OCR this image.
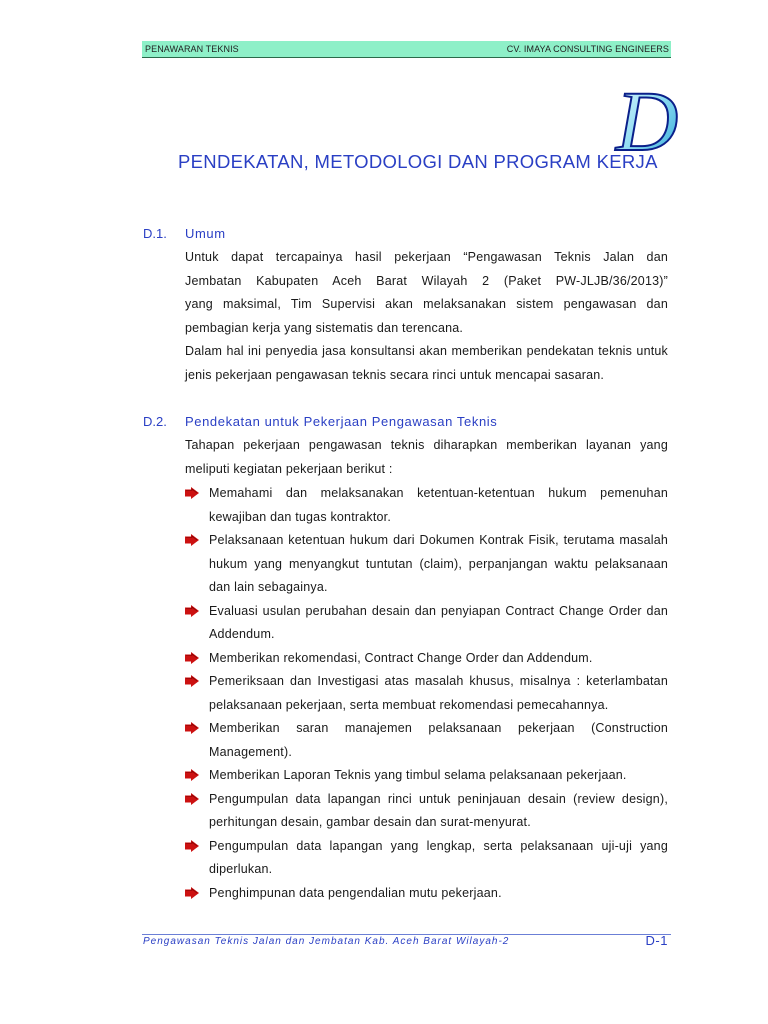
PENAWARAN TEKNIS	CV. IMAYA CONSULTING ENGINEERS
D
PENDEKATAN, METODOLOGI DAN PROGRAM KERJA
D.1. Umum
Untuk dapat tercapainya hasil pekerjaan “Pengawasan Teknis Jalan dan
Jembatan Kabupaten Aceh Barat Wilayah 2 (Paket PW-JLJB/36/2013)”
yang maksimal, Tim Supervisi akan melaksanakan sistem pengawasan dan
pembagian kerja yang sistematis dan terencana.
Dalam hal ini penyedia jasa konsultansi akan memberikan pendekatan teknis untuk
jenis pekerjaan pengawasan teknis secara rinci untuk mencapai sasaran.
D.2. Pendekatan untuk Pekerjaan Pengawasan Teknis
Tahapan pekerjaan pengawasan teknis diharapkan memberikan layanan yang
meliputi kegiatan pekerjaan berikut :
Memahami dan melaksanakan ketentuan-ketentuan hukum pemenuhan kewajiban dan tugas kontraktor.
Pelaksanaan ketentuan hukum dari Dokumen Kontrak Fisik, terutama masalah hukum yang menyangkut tuntutan (claim), perpanjangan waktu pelaksanaan dan lain sebagainya.
Evaluasi usulan perubahan desain dan penyiapan Contract Change Order dan Addendum.
Memberikan rekomendasi, Contract Change Order dan Addendum.
Pemeriksaan dan Investigasi atas masalah khusus, misalnya : keterlambatan pelaksanaan pekerjaan, serta membuat rekomendasi pemecahannya.
Memberikan saran manajemen pelaksanaan pekerjaan (Construction Management).
Memberikan Laporan Teknis yang timbul selama pelaksanaan pekerjaan.
Pengumpulan data lapangan rinci untuk peninjauan desain (review design), perhitungan desain, gambar desain dan surat-menyurat.
Pengumpulan data lapangan yang lengkap, serta pelaksanaan uji-uji yang diperlukan.
Penghimpunan data pengendalian mutu pekerjaan.
Pengawasan Teknis Jalan dan Jembatan Kab. Aceh Barat Wilayah-2	D-1
